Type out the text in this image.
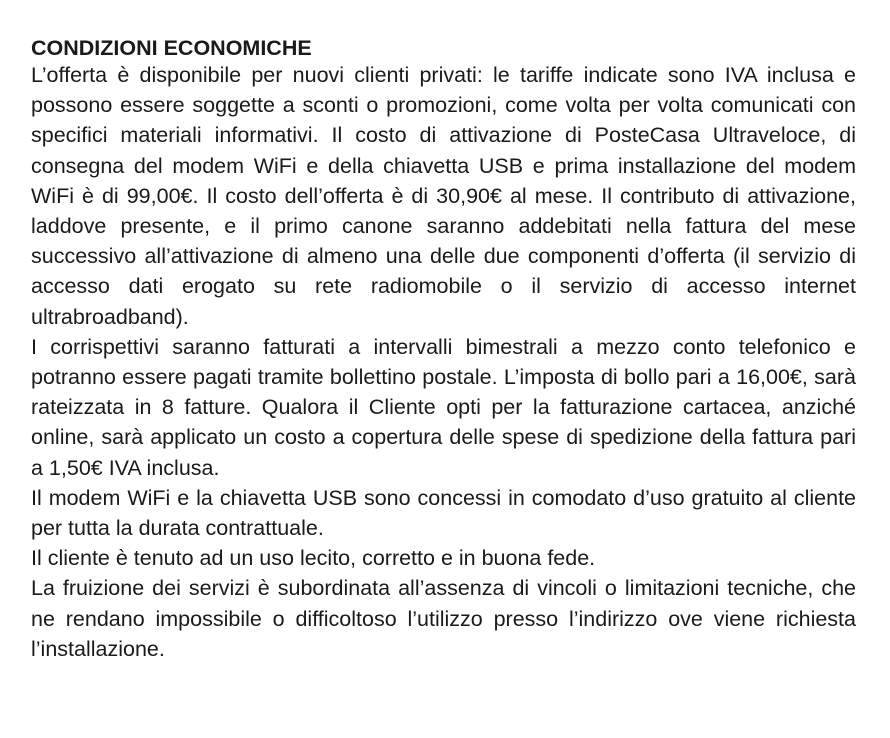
CONDIZIONI ECONOMICHE

L’offerta è disponibile per nuovi clienti privati: le tariffe indicate sono IVA inclusa e possono essere soggette a sconti o promozioni, come volta per volta comunicati con specifici materiali informativi. Il costo di attivazione di PosteCasa Ultraveloce, di consegna del modem WiFi e della chiavetta USB e prima installazione del modem WiFi è di 99,00€. Il costo dell’offerta è di 30,90€ al mese. Il contributo di attivazione, laddove presente, e il primo canone saranno addebitati nella fattura del mese successivo all’attivazione di almeno una delle due componenti d’offerta (il servizio di accesso dati erogato su rete radiomobile o il servizio di accesso internet ultrabroadband).

I corrispettivi saranno fatturati a intervalli bimestrali a mezzo conto telefonico e potranno essere pagati tramite bollettino postale. L’imposta di bollo pari a 16,00€, sarà rateizzata in 8 fatture. Qualora il Cliente opti per la fatturazione cartacea, anziché online, sarà applicato un costo a copertura delle spese di spedizione della fattura pari a 1,50€ IVA inclusa.

Il modem WiFi e la chiavetta USB sono concessi in comodato d’uso gratuito al cliente per tutta la durata contrattuale.

Il cliente è tenuto ad un uso lecito, corretto e in buona fede.

La fruizione dei servizi è subordinata all’assenza di vincoli o limitazioni tecniche, che ne rendano impossibile o difficoltoso l’utilizzo presso l’indirizzo ove viene richiesta l’installazione.
